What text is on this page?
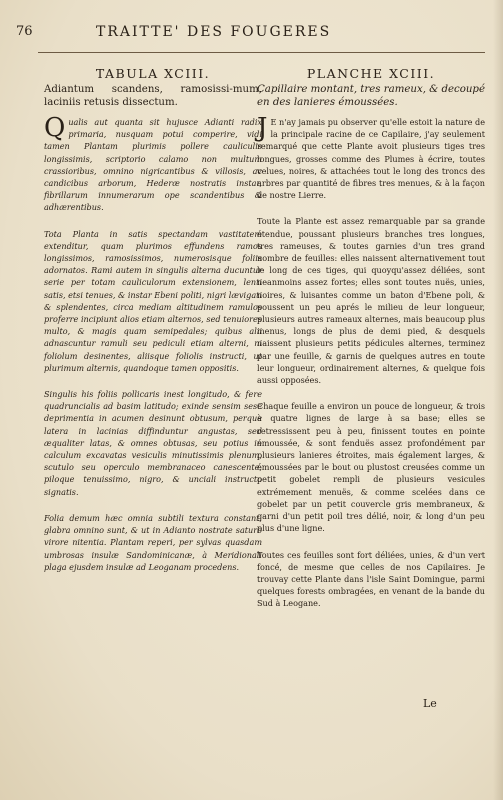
76	TRAITTE' DES FOUGERES
TABULA XCIII.

Adiantum scandens, ramosissi-mum, laciniis retusis dissectum.

Qualis aut quanta sit hujusce Adianti radix primaria, nusquam potui comperire, vidi tamen Plantam plurimis pollere cauliculis longissimis, scriptorio calamo non multum crassioribus, omnino nigricantibus & villosis, ac candicibus arborum, Hederæ nostratis instar, fibrillarum innumerarum ope scandentibus & adhærentibus.

Tota Planta in satis spectandam vastitatem extenditur, quam plurimos effundens ramos longissimos, ramosissimos, numerosisque foliis adornatos. Rami autem in singulis alterna ducuntur serie per totam cauliculorum extensionem, lenti satis, etsi tenues, & instar Ebeni politi, nigri lævigati & splendentes, circa mediam altitudinem ramulos proferre incipiunt alios etiam alternos, sed tenuiores multo, & magis quam semipedales; quibus alii adnascuntur ramuli seu pediculi etiam alterni, ni foliolum desinentes, aliisque foliolis instructi, ut plurimum alternis, quandoque tamen oppositis.

Singulis his foliis pollicaris inest longitudo, & fere quadruncialis ad basim latitudo; exinde sensim sese deprimentia in acumen desinunt obtusum, perque latera in lacinias diffinduntur angustas, sed æqualiter latas, & omnes obtusas, seu potius in calculum excavatas vesiculis minutissimis plenum, scutulo seu operculo membranaceo canescente, piloque tenuissimo, nigro, & unciali instructo signatis.

Folia demum hæc omnia subtili textura constant, glabra omnino sunt, & ut in Adianto nostrate saturo virore nitentia. Plantam reperi, per sylvas quasdam umbrosas insulæ Sandominicanæ, à Meridionali plaga ejusdem insulæ ad Leoganam procedens.

PLANCHE XCIII.

Capillaire montant, tres rameux, & decoupé en des lanieres émoussées.

J E n'ay jamais pu observer qu'elle estoit la nature de la principale racine de ce Capilaire, j'ay seulement remarqué que cette Plante avoit plusieurs tiges tres longues, grosses comme des Plumes à écrire, toutes velues, noires, & attachées tout le long des troncs des arbres par quantité de fibres tres menues, & à la façon de nostre Lierre.

Toute la Plante est assez remarquable par sa grande étendue, poussant plusieurs branches tres longues, tres rameuses, & toutes garnies d'un tres grand nombre de feuilles: elles naissent alternativement tout le long de ces tiges, qui quoyqu'assez déliées, sont neanmoins assez fortes; elles sont toutes nuës, unies, noires, & luisantes comme un baton d'Ebene poli, & poussent un peu aprés le milieu de leur longueur, plusieurs autres rameaux alternes, mais beaucoup plus menus, longs de plus de demi pied, & desquels naissent plusieurs petits pédicules alternes, terminez par une feuille, & garnis de quelques autres en toute leur longueur, ordinairement alternes, & quelque fois aussi opposées.

Chaque feuille a environ un pouce de longueur, & trois à quatre lignes de large à sa base; elles se retressissent peu à peu, finissent toutes en pointe émoussée, & sont fenduës assez profondément par plusieurs lanieres étroites, mais également larges, & émoussées par le bout ou plustost creusées comme un petit gobelet rempli de plusieurs vesicules extrémement menuës, & comme scelées dans ce gobelet par un petit couvercle gris membraneux, & garni d'un petit poil tres délié, noir, & long d'un peu plus d'une ligne.

Toutes ces feuilles sont fort déliées, unies, & d'un vert foncé, de mesme que celles de nos Capilaires. Je trouvay cette Plante dans l'isle Saint Domingue, parmi quelques forests ombragées, en venant de la bande du Sud à Leogane.

Le
